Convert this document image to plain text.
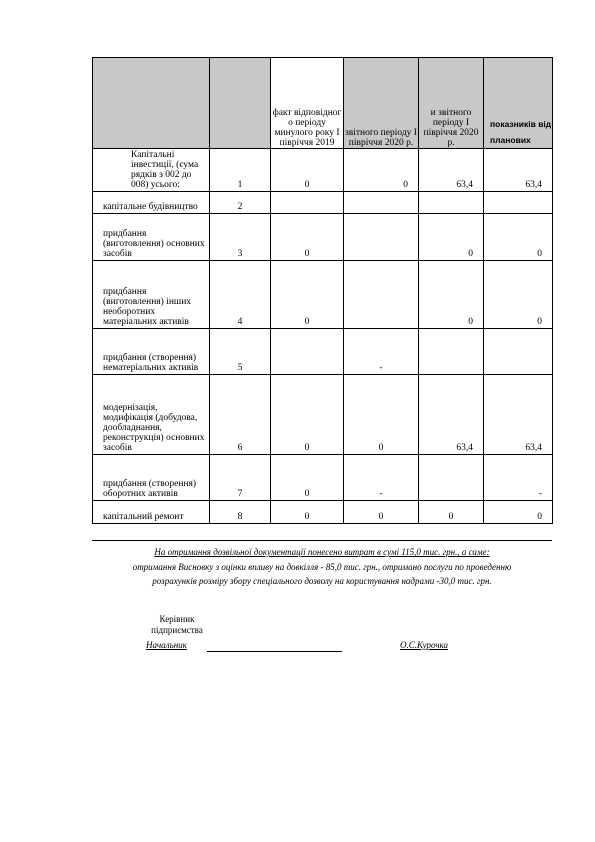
		факт відповідног о періоду минулого року І півріччя 2019	звітного періоду І півріччя 2020 р.	и звітного періоду І півріччя 2020 р.	показників від планових

Капітальні інвестиції, (сума рядків з 002 до 008) усього:	1	0	0	63,4	63,4
капітальне будівництво	2				
придбання (виготовлення) основних засобів	3	0		0	0
придбання (виготовлення) інших необоротних матеріальних активів	4	0		0	0
придбання (створення) нематеріальних активів	5		-		
модернізація, модифікація (добудова, дообладнання, реконструкція) основних засобів	6	0	0	63,4	63,4
придбання (створення) оборотних активів	7	0	-		-
капітальний ремонт	8	0	0	0	0
На отримання дозвільної документації понесено витрат в сумі 115,0 тис. грн., а саме:
отримання Висновку з оцінки впливу на довкілля - 85,0 тис. грн., отримано послуги по проведенню
розрахунків розміру збору спеціального дозволу на користування надрами -30,0 тис. грн.
Керівник підприємства
Начальник	О.С.Курочка
